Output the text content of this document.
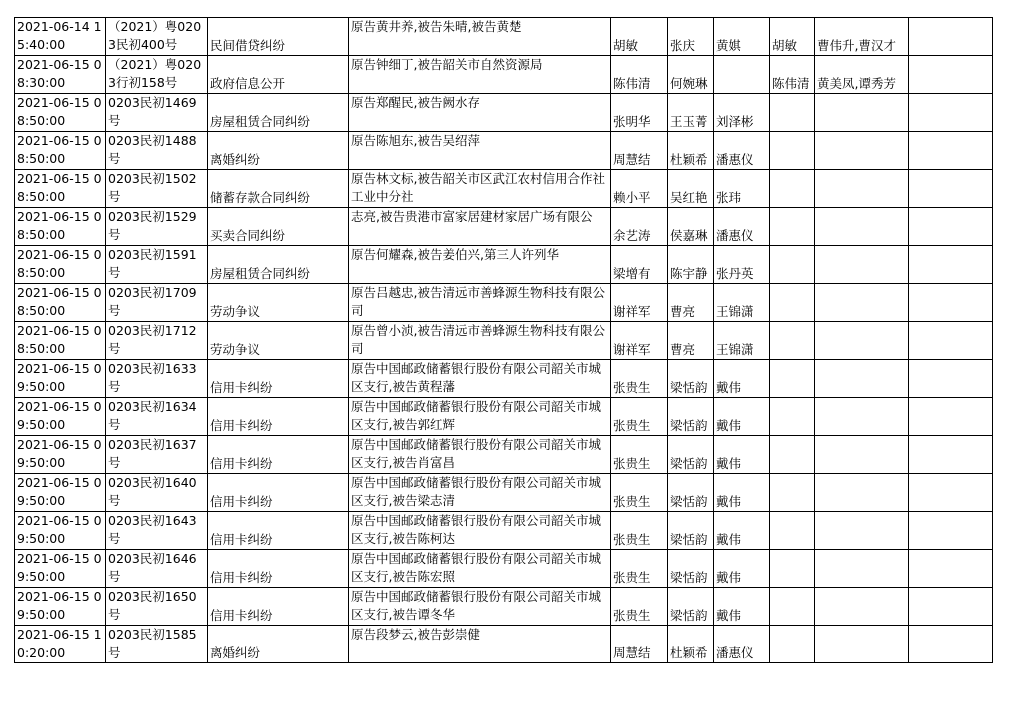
2021-06-14 15:40:00	（2021）粤0203民初400号	民间借贷纠纷	原告黄井养,被告朱晴,被告黄楚	胡敏	张庆	黄娸	胡敏	曹伟升,曹汉才	
2021-06-15 08:30:00	（2021）粤0203行初158号	政府信息公开	原告钟细丁,被告韶关市自然资源局	陈伟清	何婉琳		陈伟清	黄美凤,谭秀芳	
2021-06-15 08:50:00	0203民初1469号	房屋租赁合同纠纷	原告郑醒民,被告阙水存	张明华	王玉菁	刘泽彬			
2021-06-15 08:50:00	0203民初1488号	离婚纠纷	原告陈旭东,被告吴绍萍	周慧结	杜颖希	潘惠仪			
2021-06-15 08:50:00	0203民初1502号	储蓄存款合同纠纷	原告林文标,被告韶关市区武江农村信用合作社工业中分社	赖小平	吴红艳	张玮			
2021-06-15 08:50:00	0203民初1529号	买卖合同纠纷	志亮,被告贵港市富家居建材家居广场有限公	余艺涛	侯嘉琳	潘惠仪			
2021-06-15 08:50:00	0203民初1591号	房屋租赁合同纠纷	原告何耀森,被告姜伯兴,第三人许列华	梁增有	陈宇静	张丹英			
2021-06-15 08:50:00	0203民初1709号	劳动争议	原告吕越忠,被告清远市善蜂源生物科技有限公司	谢祥军	曹亮	王锦潇			
2021-06-15 08:50:00	0203民初1712号	劳动争议	原告曾小浈,被告清远市善蜂源生物科技有限公司	谢祥军	曹亮	王锦潇			
2021-06-15 09:50:00	0203民初1633号	信用卡纠纷	原告中国邮政储蓄银行股份有限公司韶关市城区支行,被告黄程藩	张贵生	梁恬韵	戴伟			
2021-06-15 09:50:00	0203民初1634号	信用卡纠纷	原告中国邮政储蓄银行股份有限公司韶关市城区支行,被告郭红辉	张贵生	梁恬韵	戴伟			
2021-06-15 09:50:00	0203民初1637号	信用卡纠纷	原告中国邮政储蓄银行股份有限公司韶关市城区支行,被告肖富昌	张贵生	梁恬韵	戴伟			
2021-06-15 09:50:00	0203民初1640号	信用卡纠纷	原告中国邮政储蓄银行股份有限公司韶关市城区支行,被告梁志清	张贵生	梁恬韵	戴伟			
2021-06-15 09:50:00	0203民初1643号	信用卡纠纷	原告中国邮政储蓄银行股份有限公司韶关市城区支行,被告陈柯达	张贵生	梁恬韵	戴伟			
2021-06-15 09:50:00	0203民初1646号	信用卡纠纷	原告中国邮政储蓄银行股份有限公司韶关市城区支行,被告陈宏照	张贵生	梁恬韵	戴伟			
2021-06-15 09:50:00	0203民初1650号	信用卡纠纷	原告中国邮政储蓄银行股份有限公司韶关市城区支行,被告谭冬华	张贵生	梁恬韵	戴伟			
2021-06-15 10:20:00	0203民初1585号	离婚纠纷	原告段梦云,被告彭崇健	周慧结	杜颖希	潘惠仪			
